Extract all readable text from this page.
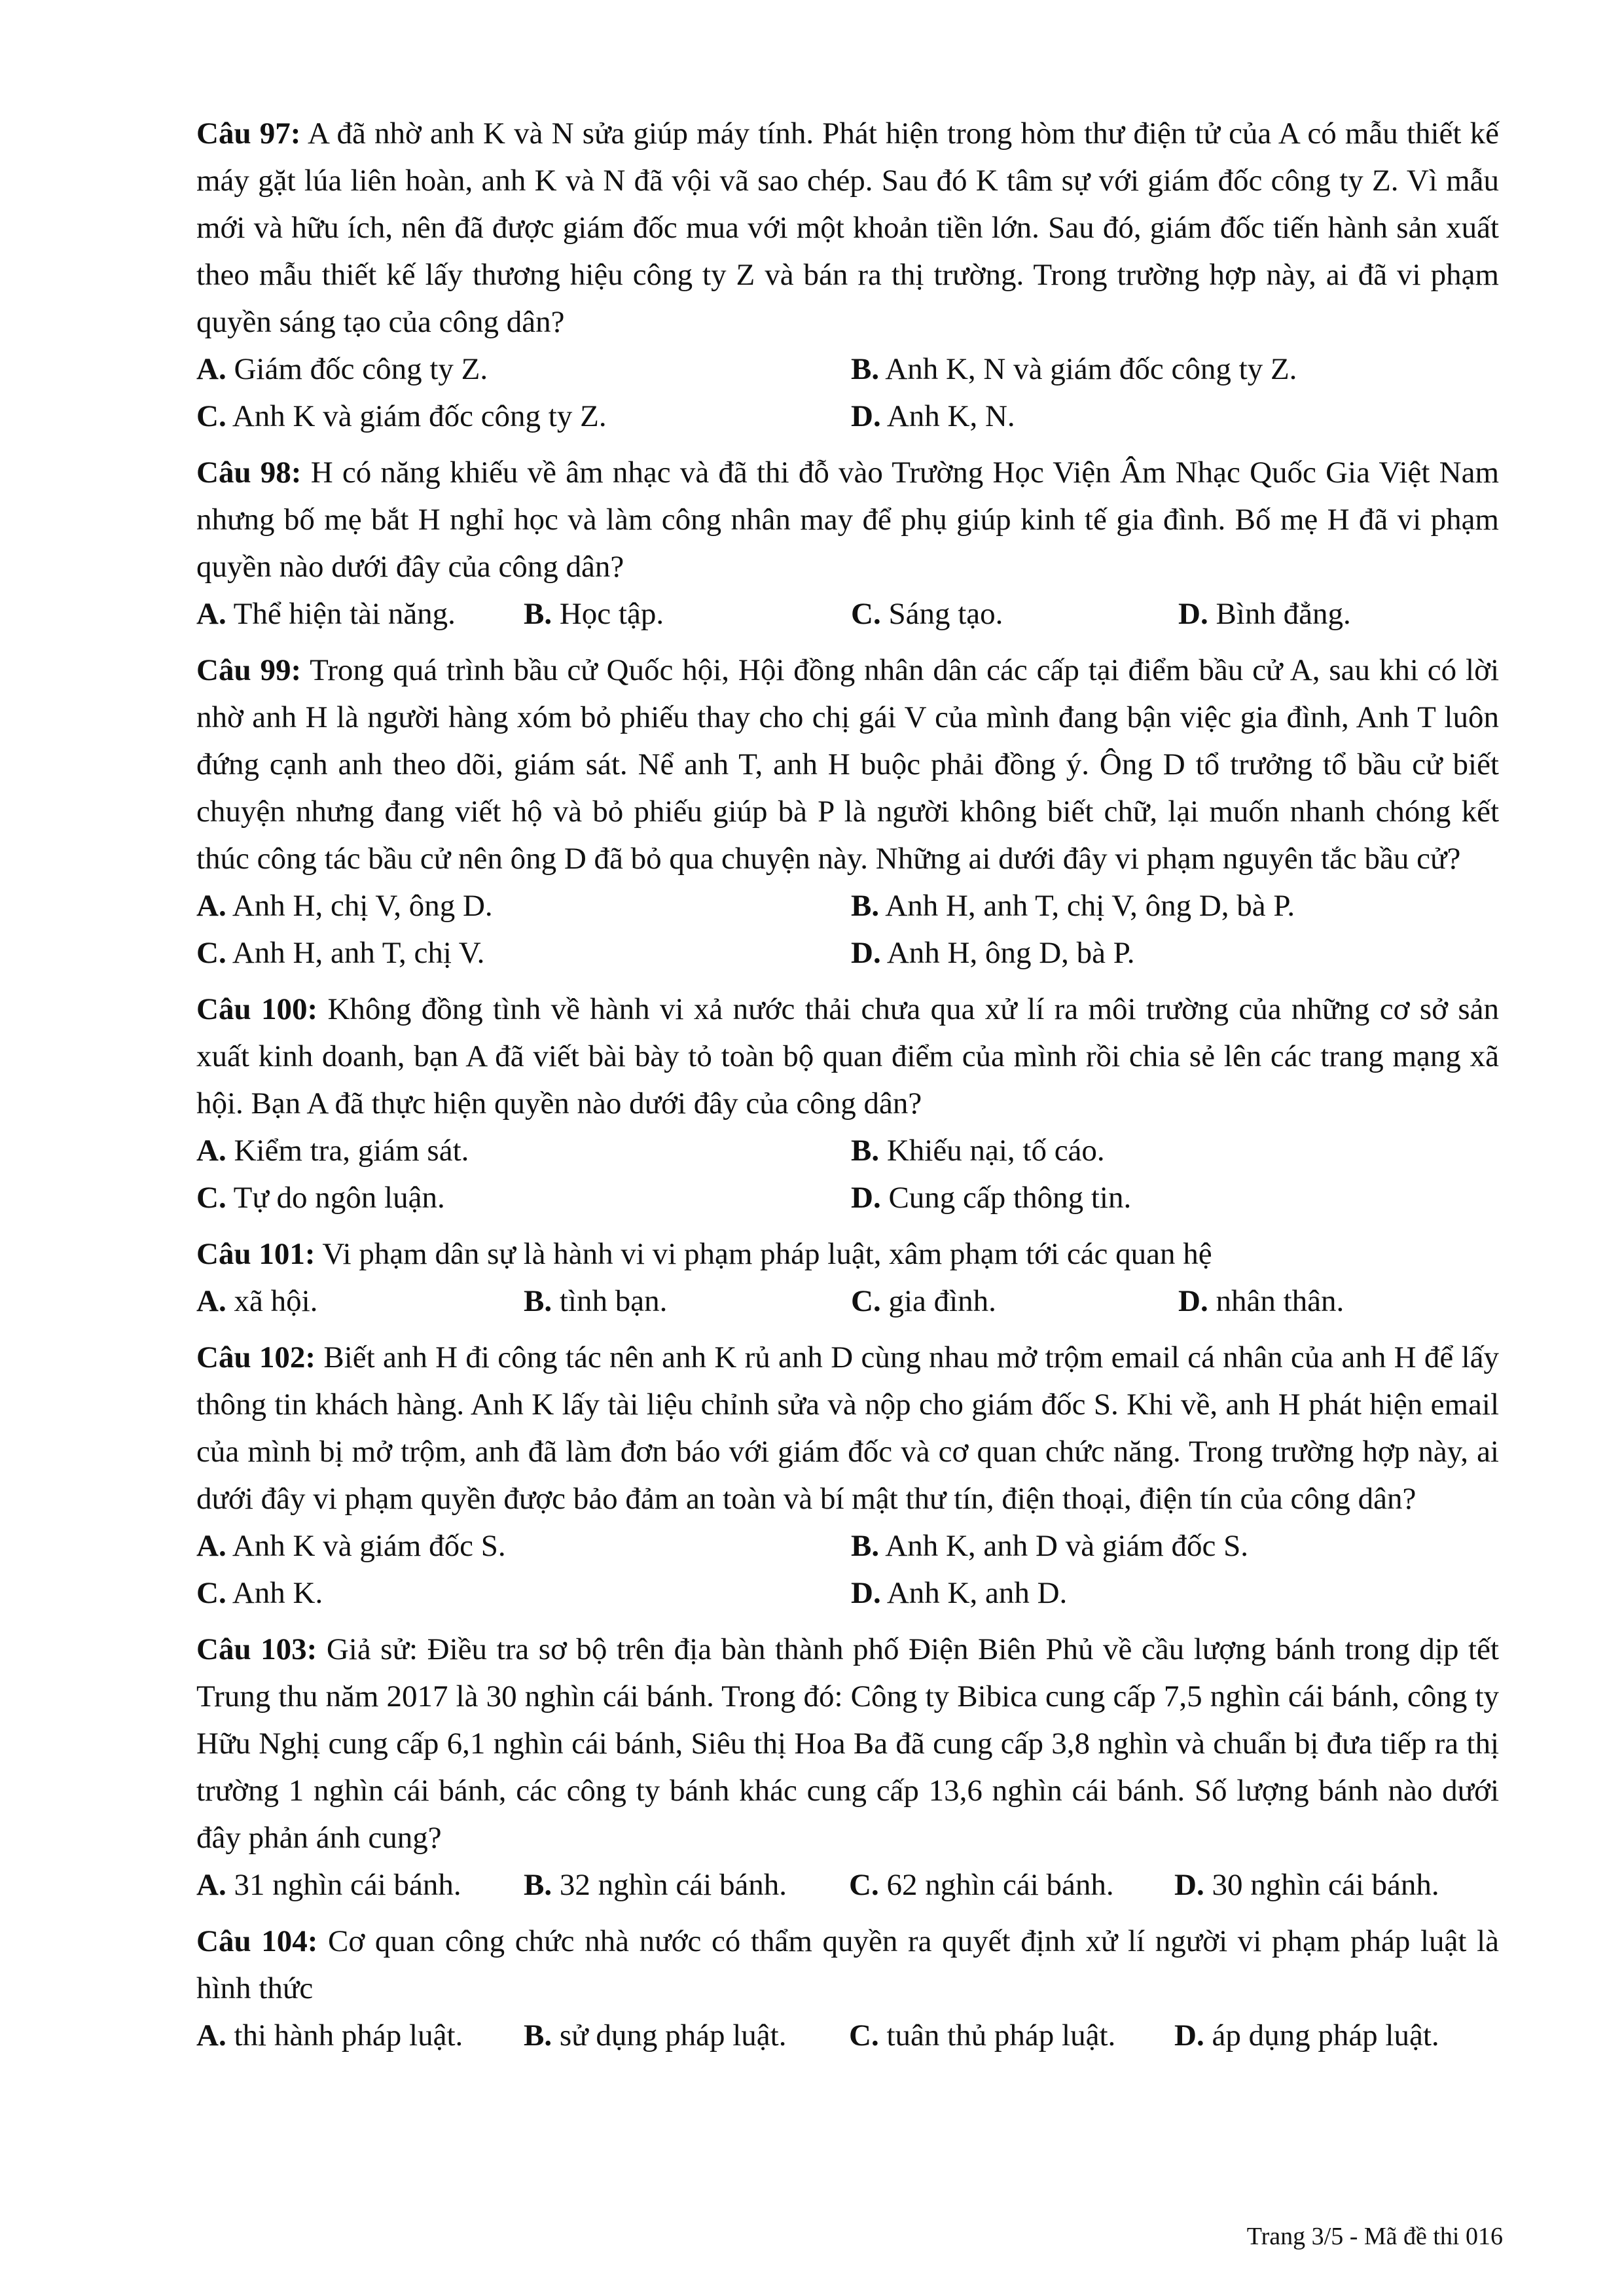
Câu 97: A đã nhờ anh K và N sửa giúp máy tính. Phát hiện trong hòm thư điện tử của A có mẫu thiết kế máy gặt lúa liên hoàn, anh K và N đã vội vã sao chép. Sau đó K tâm sự với giám đốc công ty Z. Vì mẫu mới và hữu ích, nên đã được giám đốc mua với một khoản tiền lớn. Sau đó, giám đốc tiến hành sản xuất theo mẫu thiết kế lấy thương hiệu công ty Z và bán ra thị trường. Trong trường hợp này, ai đã vi phạm quyền sáng tạo của công dân?

A. Giám đốc công ty Z.	B. Anh K, N và giám đốc công ty Z.
C. Anh K và giám đốc công ty Z.	D. Anh K, N.

Câu 98: H có năng khiếu về âm nhạc và đã thi đỗ vào Trường Học Viện Âm Nhạc Quốc Gia Việt Nam nhưng bố mẹ bắt H nghỉ học và làm công nhân may để phụ giúp kinh tế gia đình. Bố mẹ H đã vi phạm quyền nào dưới đây của công dân?

A. Thể hiện tài năng.	B. Học tập.	C. Sáng tạo.	D. Bình đẳng.

Câu 99: Trong quá trình bầu cử Quốc hội, Hội đồng nhân dân các cấp tại điểm bầu cử A, sau khi có lời nhờ anh H là người hàng xóm bỏ phiếu thay cho chị gái V của mình đang bận việc gia đình, Anh T luôn đứng cạnh anh theo dõi, giám sát. Nể anh T, anh H buộc phải đồng ý. Ông D tổ trưởng tổ bầu cử biết chuyện nhưng đang viết hộ và bỏ phiếu giúp bà P là người không biết chữ, lại muốn nhanh chóng kết thúc công tác bầu cử nên ông D đã bỏ qua chuyện này. Những ai dưới đây vi phạm nguyên tắc bầu cử?

A. Anh H, chị V, ông D.	B. Anh H, anh T, chị V, ông D, bà P.
C. Anh H, anh T, chị V.	D. Anh H, ông D, bà P.

Câu 100: Không đồng tình về hành vi xả nước thải chưa qua xử lí ra môi trường của những cơ sở sản xuất kinh doanh, bạn A đã viết bài bày tỏ toàn bộ quan điểm của mình rồi chia sẻ lên các trang mạng xã hội. Bạn A đã thực hiện quyền nào dưới đây của công dân?

A. Kiểm tra, giám sát.	B. Khiếu nại, tố cáo.
C. Tự do ngôn luận.	D. Cung cấp thông tin.

Câu 101: Vi phạm dân sự là hành vi vi phạm pháp luật, xâm phạm tới các quan hệ

A. xã hội.	B. tình bạn.	C. gia đình.	D. nhân thân.

Câu 102: Biết anh H đi công tác nên anh K rủ anh D cùng nhau mở trộm email cá nhân của anh H để lấy thông tin khách hàng. Anh K lấy tài liệu chỉnh sửa và nộp cho giám đốc S. Khi về, anh H phát hiện email của mình bị mở trộm, anh đã làm đơn báo với giám đốc và cơ quan chức năng. Trong trường hợp này, ai dưới đây vi phạm quyền được bảo đảm an toàn và bí mật thư tín, điện thoại, điện tín của công dân?

A. Anh K và giám đốc S.	B. Anh K, anh D và giám đốc S.
C. Anh K.	D. Anh K, anh D.

Câu 103: Giả sử: Điều tra sơ bộ trên địa bàn thành phố Điện Biên Phủ về cầu lượng bánh trong dịp tết Trung thu năm 2017 là 30 nghìn cái bánh. Trong đó: Công ty Bibica cung cấp 7,5 nghìn cái bánh, công ty Hữu Nghị cung cấp 6,1 nghìn cái bánh, Siêu thị Hoa Ba đã cung cấp 3,8 nghìn và chuẩn bị đưa tiếp ra thị trường 1 nghìn cái bánh, các công ty bánh khác cung cấp 13,6 nghìn cái bánh. Số lượng bánh nào dưới đây phản ánh cung?

A. 31 nghìn cái bánh.	B. 32 nghìn cái bánh.	C. 62 nghìn cái bánh.	D. 30 nghìn cái bánh.

Câu 104: Cơ quan công chức nhà nước có thẩm quyền ra quyết định xử lí người vi phạm pháp luật là hình thức

A. thi hành pháp luật.	B. sử dụng pháp luật.	C. tuân thủ pháp luật.	D. áp dụng pháp luật.
Trang 3/5 - Mã đề thi 016
